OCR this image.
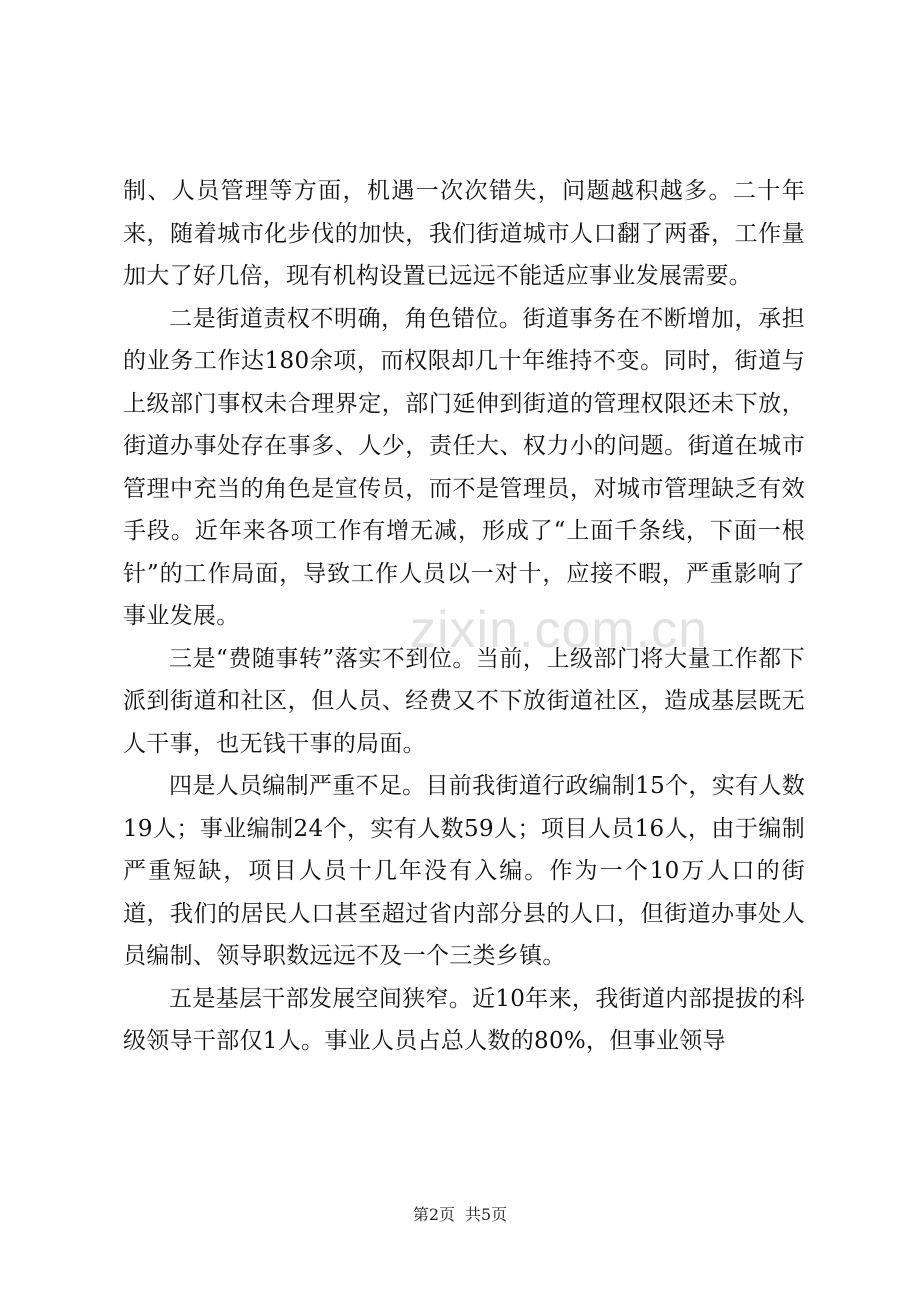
制、人员管理等方面，机遇一次次错失，问题越积越多。二十年来，随着城市化步伐的加快，我们街道城市人口翻了两番，工作量加大了好几倍，现有机构设置已远远不能适应事业发展需要。

二是街道责权不明确，角色错位。街道事务在不断增加，承担的业务工作达180余项，而权限却几十年维持不变。同时，街道与上级部门事权未合理界定，部门延伸到街道的管理权限还未下放，街道办事处存在事多、人少，责任大、权力小的问题。街道在城市管理中充当的角色是宣传员，而不是管理员，对城市管理缺乏有效手段。近年来各项工作有增无减，形成了“上面千条线，下面一根针”的工作局面，导致工作人员以一对十，应接不暇，严重影响了事业发展。

三是“费随事转”落实不到位。当前，上级部门将大量工作都下派到街道和社区，但人员、经费又不下放街道社区，造成基层既无人干事，也无钱干事的局面。

四是人员编制严重不足。目前我街道行政编制15个，实有人数19人；事业编制24个，实有人数59人；项目人员16人，由于编制严重短缺，项目人员十几年没有入编。作为一个10万人口的街道，我们的居民人口甚至超过省内部分县的人口，但街道办事处人员编制、领导职数远远不及一个三类乡镇。

五是基层干部发展空间狭窄。近10年来，我街道内部提拔的科级领导干部仅1人。事业人员占总人数的80%，但事业领导

zixin.com.cn
第2页 共5页
